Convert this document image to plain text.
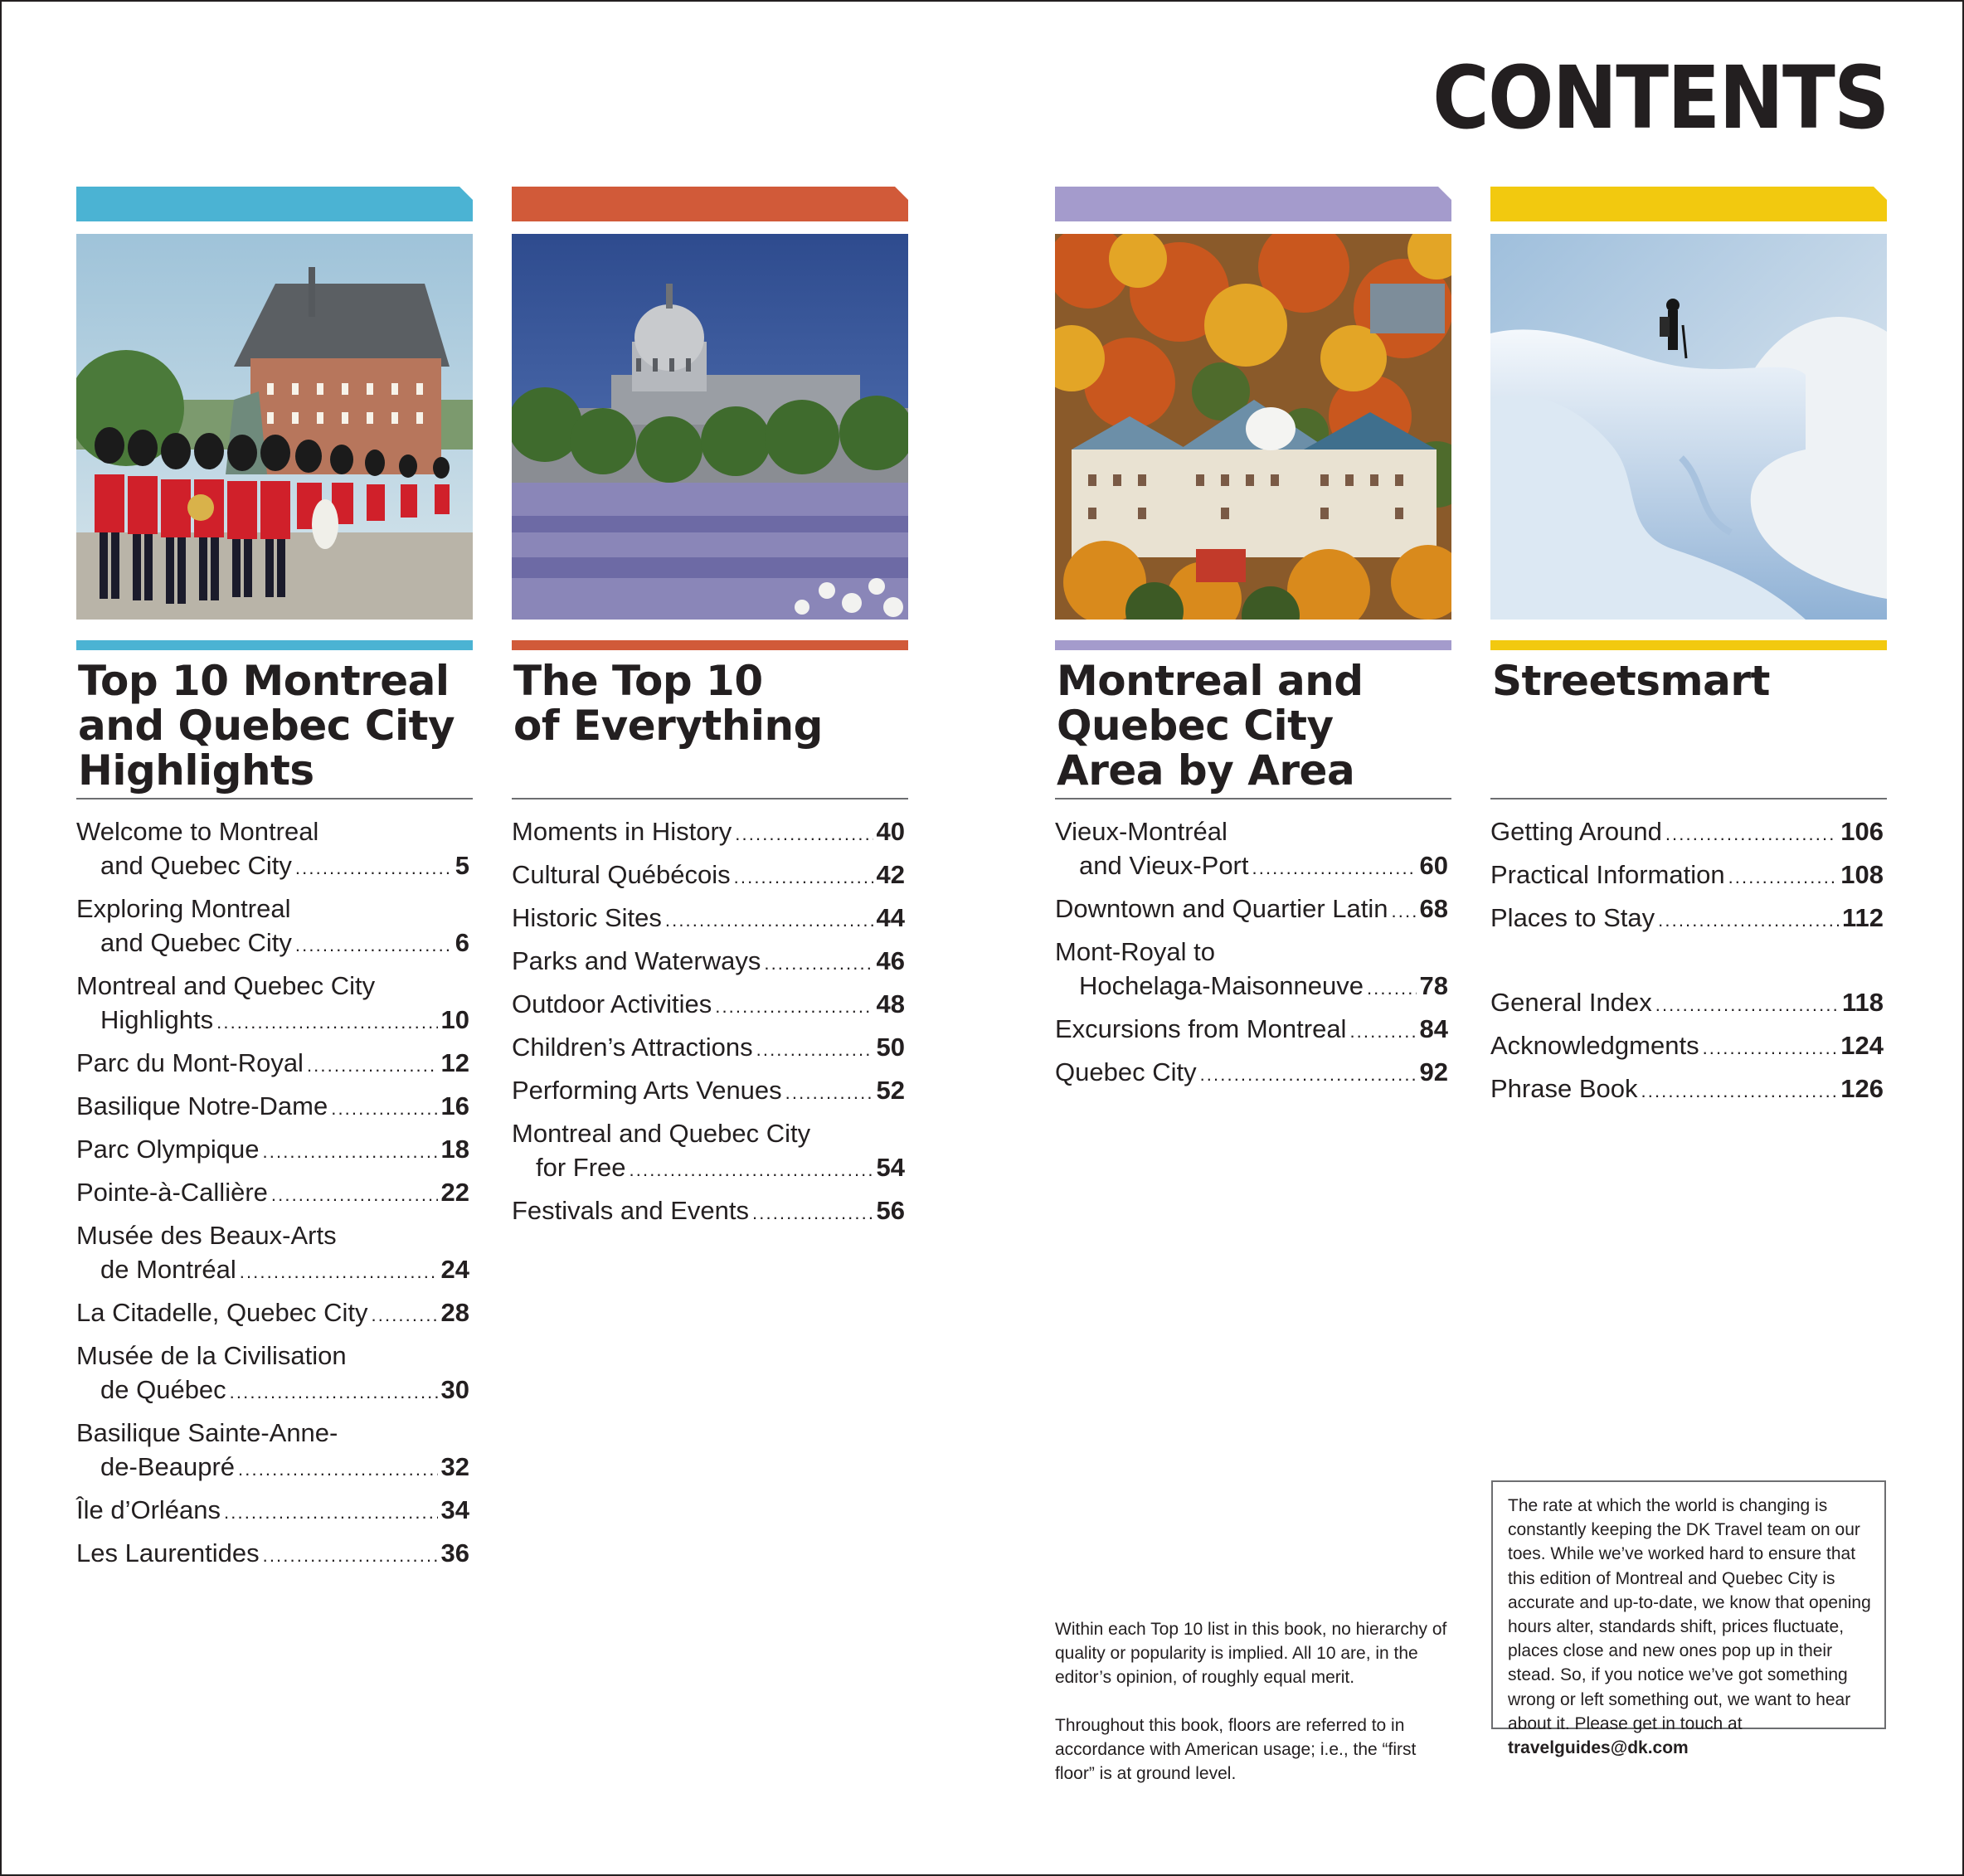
CONTENTS
Top 10 Montreal
and Quebec City
Highlights
Welcome to Montreal
and Quebec City . . .	5
Exploring Montreal
and Quebec City . . .	6
Montreal and Quebec City
Highlights . . .	10
Parc du Mont-Royal . . .	12
Basilique Notre-Dame . . .	16
Parc Olympique . . .	18
Pointe-à-Callière . . .	22
Musée des Beaux-Arts
de Montréal . . .	24
La Citadelle, Quebec City . . .	28
Musée de la Civilisation
de Québec . . .	30
Basilique Sainte-Anne-
de-Beaupré . . .	32
Île d’Orléans . . .	34
Les Laurentides . . .	36
The Top 10
of Everything
Moments in History . . .	40
Cultural Québécois . . .	42
Historic Sites . . .	44
Parks and Waterways . . .	46
Outdoor Activities . . .	48
Children’s Attractions . . .	50
Performing Arts Venues . . .	52
Montreal and Quebec City
for Free . . .	54
Festivals and Events . . .	56
Montreal and
Quebec City
Area by Area
Vieux-Montréal
and Vieux-Port . . .	60
Downtown and Quartier Latin . . . 68
Mont-Royal to
Hochelaga-Maisonneuve . . . 78
Excursions from Montreal . . .	84
Quebec City . . .	92
Streetsmart
Getting Around . . .	106
Practical Information . . .	108
Places to Stay . . .	112
General Index . . .	118
Acknowledgments . . .	124
Phrase Book . . .	126

Within each Top 10 list in this book, no hierarchy of quality or popularity is implied. All 10 are, in the editor’s opinion, of roughly equal merit.

Throughout this book, floors are referred to in accordance with American usage; i.e., the “first floor” is at ground level.

The rate at which the world is changing is constantly keeping the DK Travel team on our toes. While we’ve worked hard to ensure that this edition of Montreal and Quebec City is accurate and up-to-date, we know that opening hours alter, standards shift, prices fluctuate, places close and new ones pop up in their stead. So, if you notice we’ve got something wrong or left something out, we want to hear about it. Please get in touch at travelguides@dk.com
